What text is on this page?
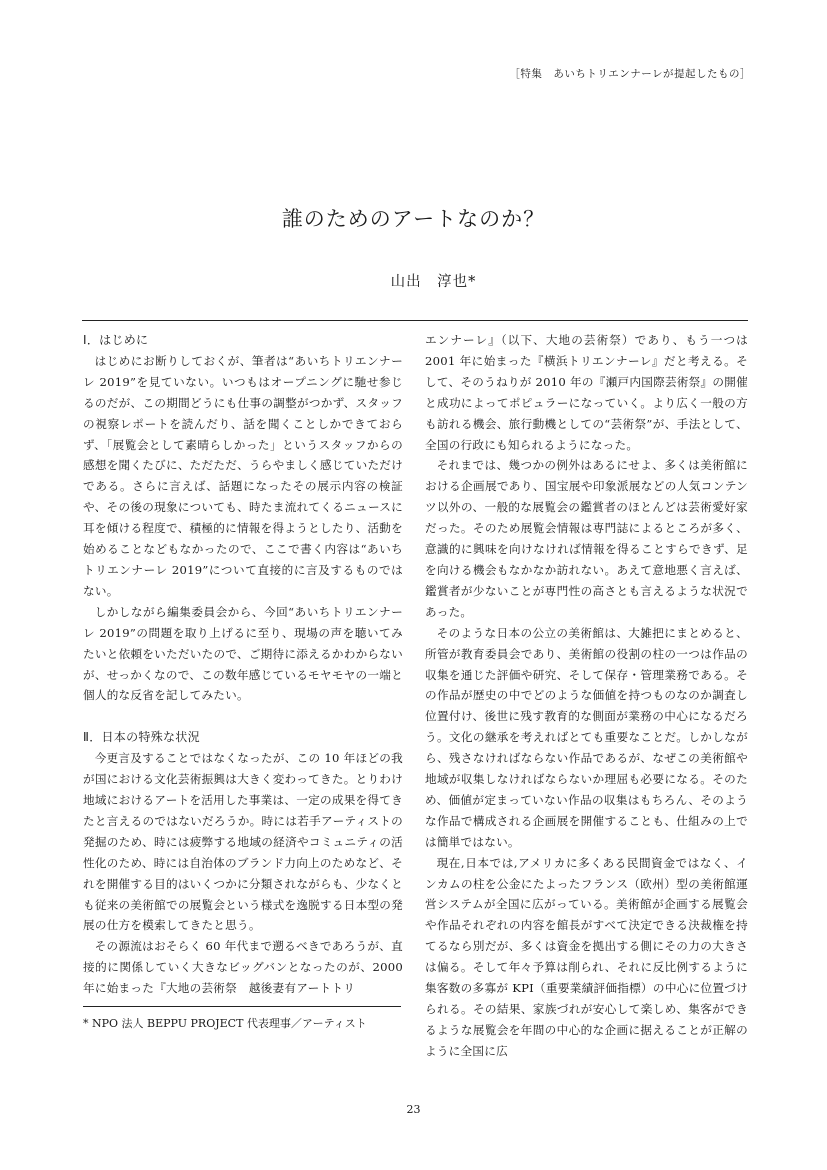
［特集　あいちトリエンナーレが提起したもの］
誰のためのアートなのか？
山出　淳也*
Ⅰ．はじめに

はじめにお断りしておくが、筆者は“あいちトリエンナーレ 2019”を見ていない。いつもはオープニングに馳せ参じるのだが、この期間どうにも仕事の調整がつかず、スタッフの視察レポートを読んだり、話を聞くことしかできておらず、「展覧会として素晴らしかった」というスタッフからの感想を聞くたびに、ただただ、うらやましく感じていただけである。さらに言えば、話題になったその展示内容の検証や、その後の現象についても、時たま流れてくるニュースに耳を傾ける程度で、積極的に情報を得ようとしたり、活動を始めることなどもなかったので、ここで書く内容は“あいちトリエンナーレ 2019”について直接的に言及するものではない。

しかしながら編集委員会から、今回“あいちトリエンナーレ 2019”の問題を取り上げるに至り、現場の声を聴いてみたいと依頼をいただいたので、ご期待に添えるかわからないが、せっかくなので、この数年感じているモヤモヤの一端と個人的な反省を記してみたい。

Ⅱ．日本の特殊な状況

今更言及することではなくなったが、この 10 年ほどの我が国における文化芸術振興は大きく変わってきた。とりわけ地域におけるアートを活用した事業は、一定の成果を得てきたと言えるのではないだろうか。時には若手アーティストの発掘のため、時には疲弊する地域の経済やコミュニティの活性化のため、時には自治体のブランド力向上のためなど、それを開催する目的はいくつかに分類されながらも、少なくとも従来の美術館での展覧会という様式を逸脱する日本型の発展の仕方を模索してきたと思う。

その源流はおそらく 60 年代まで遡るべきであろうが、直接的に関係していく大きなビッグバンとなったのが、2000 年に始まった『大地の芸術祭　越後妻有アートトリ

エンナーレ』（以下、大地の芸術祭）であり、もう一つは 2001 年に始まった『横浜トリエンナーレ』だと考える。そして、そのうねりが 2010 年の『瀬戸内国際芸術祭』の開催と成功によってポピュラーになっていく。より広く一般の方も訪れる機会、旅行動機としての“芸術祭”が、手法として、全国の行政にも知られるようになった。

それまでは、幾つかの例外はあるにせよ、多くは美術館における企画展であり、国宝展や印象派展などの人気コンテンツ以外の、一般的な展覧会の鑑賞者のほとんどは芸術愛好家だった。そのため展覧会情報は専門誌によるところが多く、意識的に興味を向けなければ情報を得ることすらできず、足を向ける機会もなかなか訪れない。あえて意地悪く言えば、鑑賞者が少ないことが専門性の高さとも言えるような状況であった。

そのような日本の公立の美術館は、大雑把にまとめると、所管が教育委員会であり、美術館の役割の柱の一つは作品の収集を通じた評価や研究、そして保存・管理業務である。その作品が歴史の中でどのような価値を持つものなのか調査し位置付け、後世に残す教育的な側面が業務の中心になるだろう。文化の継承を考えればとても重要なことだ。しかしながら、残さなければならない作品であるが、なぜこの美術館や地域が収集しなければならないか理屈も必要になる。そのため、価値が定まっていない作品の収集はもちろん、そのような作品で構成される企画展を開催することも、仕組みの上では簡単ではない。

現在,日本では,アメリカに多くある民間資金ではなく、インカムの柱を公金にたよったフランス（欧州）型の美術館運営システムが全国に広がっている。美術館が企画する展覧会や作品それぞれの内容を館長がすべて決定できる決裁権を持てるなら別だが、多くは資金を拠出する側にその力の大きさは偏る。そして年々予算は削られ、それに反比例するように集客数の多寡が KPI（重要業績評価指標）の中心に位置づけられる。その結果、家族づれが安心して楽しめ、集客ができるような展覧会を年間の中心的な企画に据えることが正解のように全国に広

* NPO 法人 BEPPU PROJECT 代表理事／アーティスト
23
